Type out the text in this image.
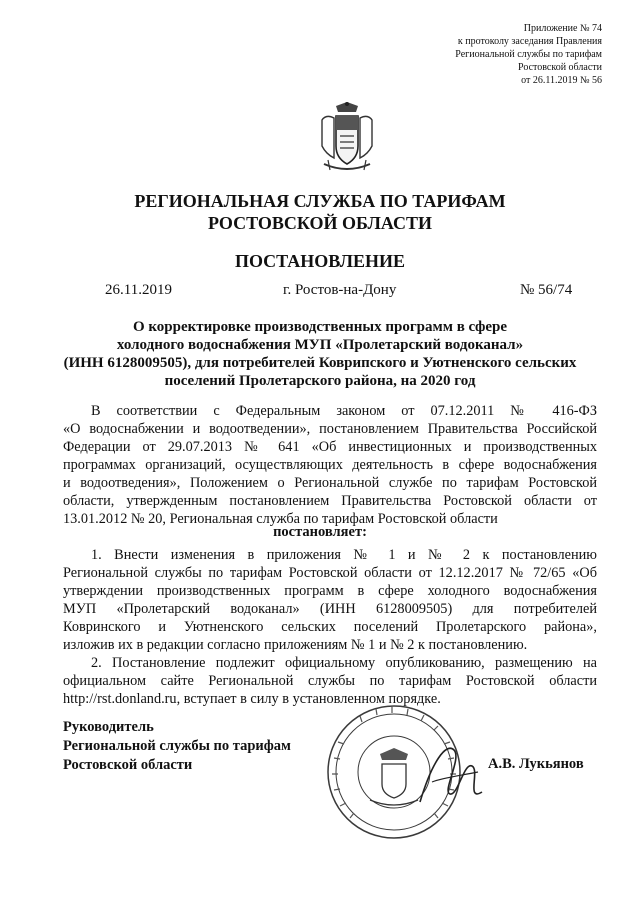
Приложение № 74
к протоколу заседания Правления
Региональной службы по тарифам
Ростовской области
от 26.11.2019 № 56
РЕГИОНАЛЬНАЯ СЛУЖБА ПО ТАРИФАМ
РОСТОВСКОЙ ОБЛАСТИ
ПОСТАНОВЛЕНИЕ
26.11.2019	г. Ростов-на-Дону	№ 56/74
О корректировке производственных программ в сфере
холодного водоснабжения МУП «Пролетарский водоканал»
(ИНН 6128009505), для потребителей Коврипского и Уютненского сельских
поселений Пролетарского района, на 2020 год
В соответствии с Федеральным законом от 07.12.2011 № 416-ФЗ
«О водоснабжении и водоотведении», постановлением Правительства Российской
Федерации от 29.07.2013 № 641 «Об инвестиционных и производственных
программах организаций, осуществляющих деятельность в сфере водоснабжения
и водоотведения», Положением о Региональной службе по тарифам Ростовской
области, утвержденным постановлением Правительства Ростовской области от
13.01.2012 № 20, Региональная служба по тарифам Ростовской области
постановляет:
1. Внести изменения в приложения № 1 и № 2 к постановлению
Региональной службы по тарифам Ростовской области от 12.12.2017 № 72/65 «Об
утверждении производственных программ в сфере холодного водоснабжения
МУП «Пролетарский водоканал» (ИНН 6128009505) для потребителей
Ковринского и Уютненского сельских поселений Пролетарского района»,
изложив их в редакции согласно приложениям № 1 и № 2 к постановлению.
2. Постановление подлежит официальному опубликованию, размещению на
официальном сайте Региональной службы по тарифам Ростовской области
http://rst.donland.ru, вступает в силу в установленном порядке.
Руководитель
Региональной службы по тарифам
Ростовской области	А.В. Лукьянов
